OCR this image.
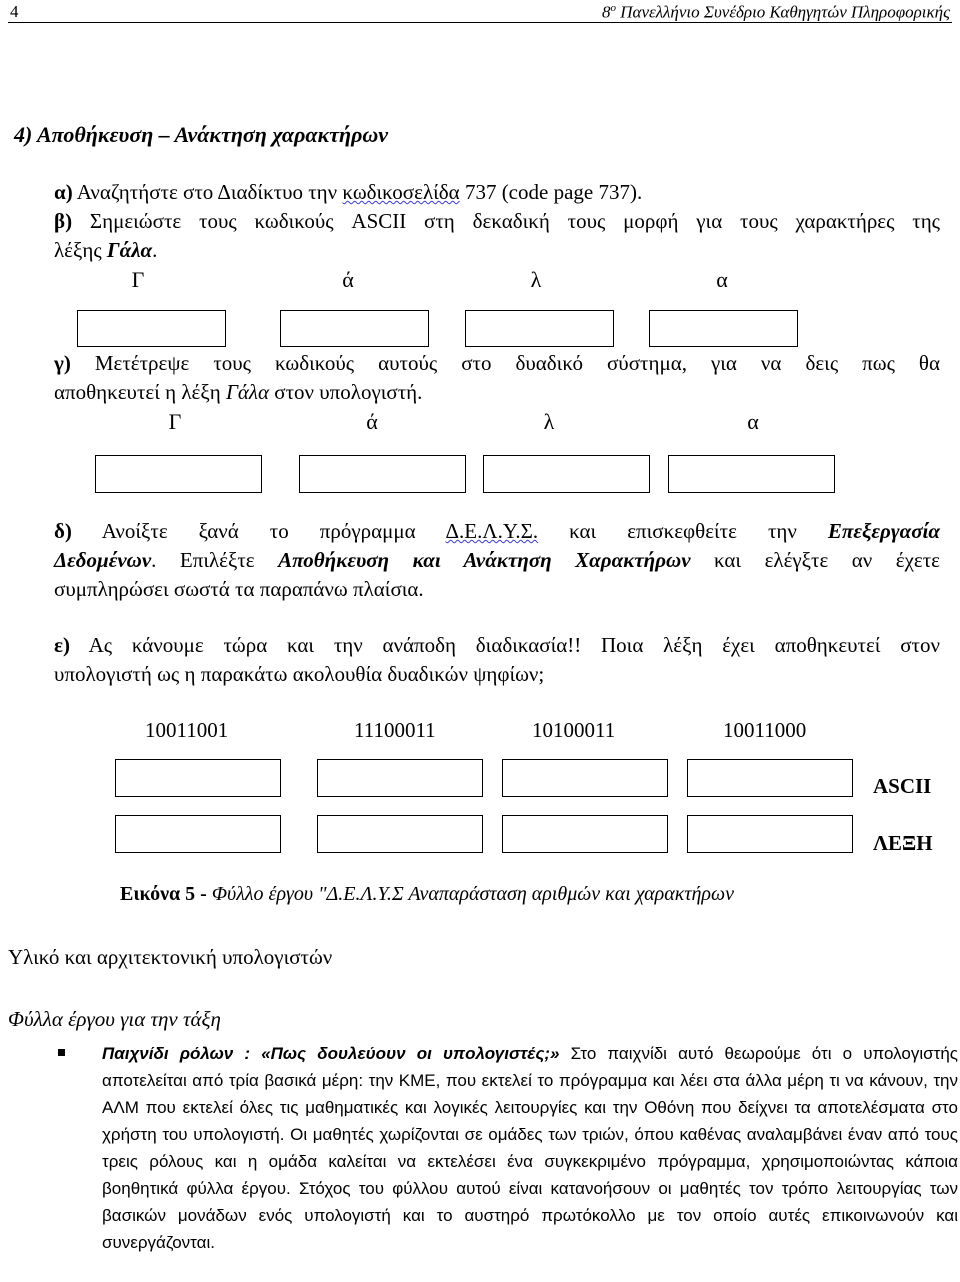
4	$8^o$ Πανελλήνιο Συνέδριο Καθηγητών Πληροφορικής
4) Αποθήκευση – Ανάκτηση χαρακτήρων
α) Αναζητήστε στο Διαδίκτυο την κωδικοσελίδα 737 (code page 737).
β) Σημειώστε τους κωδικούς ASCII στη δεκαδική τους μορφή για τους χαρακτήρες της
λέξης Γάλα.
Γ	ά	λ	α
γ) Μετέτρεψε τους κωδικούς αυτούς στο δυαδικό σύστημα, για να δεις πως θα
αποθηκευτεί η λέξη Γάλα στον υπολογιστή.
Γ	ά	λ	α
δ) Ανοίξτε ξανά το πρόγραμμα Δ.Ε.Λ.Υ.Σ. και επισκεφθείτε την Επεξεργασία
Δεδομένων. Επιλέξτε Αποθήκευση και Ανάκτηση Χαρακτήρων και ελέγξτε αν έχετε
συμπληρώσει σωστά τα παραπάνω πλαίσια.
ε) Ας κάνουμε τώρα και την ανάποδη διαδικασία!! Ποια λέξη έχει αποθηκευτεί στον
υπολογιστή ως η παρακάτω ακολουθία δυαδικών ψηφίων;
10011001	11100011	10100011	10011000
ASCII
ΛΕΞΗ
Εικόνα 5 - Φύλλο έργου "Δ.Ε.Λ.Υ.Σ Αναπαράσταση αριθμών και χαρακτήρων
Υλικό και αρχιτεκτονική υπολογιστών
Φύλλα έργου για την τάξη
Παιχνίδι ρόλων : «Πως δουλεύουν οι υπολογιστές;» Στο παιχνίδι αυτό θεωρούμε ότι ο υπολογιστής αποτελείται από τρία βασικά μέρη: την ΚΜΕ, που εκτελεί το πρόγραμμα και λέει στα άλλα μέρη τι να κάνουν, την ΑΛΜ που εκτελεί όλες τις μαθηματικές και λογικές λειτουργίες και την Οθόνη που δείχνει τα αποτελέσματα στο χρήστη του υπολογιστή. Οι μαθητές χωρίζονται σε ομάδες των τριών, όπου καθένας αναλαμβάνει έναν από τους τρεις ρόλους και η ομάδα καλείται να εκτελέσει ένα συγκεκριμένο πρόγραμμα, χρησιμοποιώντας κάποια βοηθητικά φύλλα έργου. Στόχος του φύλλου αυτού είναι κατανοήσουν οι μαθητές τον τρόπο λειτουργίας των βασικών μονάδων ενός υπολογιστή και το αυστηρό πρωτόκολλο με τον οποίο αυτές επικοινωνούν και συνεργάζονται.
